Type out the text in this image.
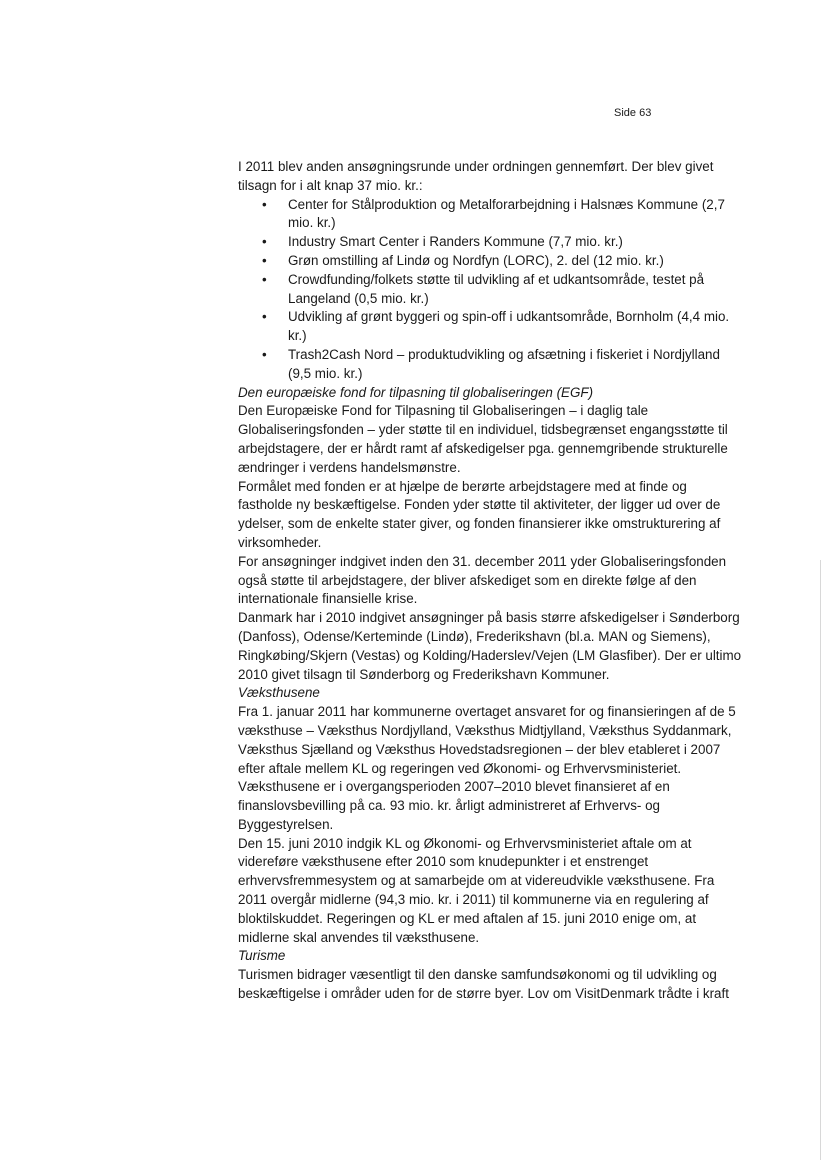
Side 63

I 2011 blev anden ansøgningsrunde under ordningen gennemført. Der blev givet tilsagn for i alt knap 37 mio. kr.:

• Center for Stålproduktion og Metalforarbejdning i Halsnæs Kommune (2,7 mio. kr.)
• Industry Smart Center i Randers Kommune (7,7 mio. kr.)
• Grøn omstilling af Lindø og Nordfyn (LORC), 2. del (12 mio. kr.)
• Crowdfunding/folkets støtte til udvikling af et udkantsområde, testet på Langeland (0,5 mio. kr.)
• Udvikling af grønt byggeri og spin-off i udkantsområde, Bornholm (4,4 mio. kr.)
• Trash2Cash Nord – produktudvikling og afsætning i fiskeriet i Nordjylland (9,5 mio. kr.)

Den europæiske fond for tilpasning til globaliseringen (EGF)

Den Europæiske Fond for Tilpasning til Globaliseringen – i daglig tale Globaliseringsfonden – yder støtte til en individuel, tidsbegrænset engangsstøtte til arbejdstagere, der er hårdt ramt af afskedigelser pga. gennemgribende strukturelle ændringer i verdens handelsmønstre.

Formålet med fonden er at hjælpe de berørte arbejdstagere med at finde og fastholde ny beskæftigelse. Fonden yder støtte til aktiviteter, der ligger ud over de ydelser, som de enkelte stater giver, og fonden finansierer ikke omstrukturering af virksomheder.

For ansøgninger indgivet inden den 31. december 2011 yder Globaliseringsfonden også støtte til arbejdstagere, der bliver afskediget som en direkte følge af den internationale finansielle krise.

Danmark har i 2010 indgivet ansøgninger på basis større afskedigelser i Sønderborg (Danfoss), Odense/Kerteminde (Lindø), Frederikshavn (bl.a. MAN og Siemens), Ringkøbing/Skjern (Vestas) og Kolding/Haderslev/Vejen (LM Glasfiber). Der er ultimo 2010 givet tilsagn til Sønderborg og Frederikshavn Kommuner.

Væksthusene

Fra 1. januar 2011 har kommunerne overtaget ansvaret for og finansieringen af de 5 væksthuse – Væksthus Nordjylland, Væksthus Midtjylland, Væksthus Syddanmark, Væksthus Sjælland og Væksthus Hovedstadsregionen – der blev etableret i 2007 efter aftale mellem KL og regeringen ved Økonomi- og Erhvervsministeriet. Væksthusene er i overgangsperioden 2007–2010 blevet finansieret af en finanslovsbevilling på ca. 93 mio. kr. årligt administreret af Erhvervs- og Byggestyrelsen.

Den 15. juni 2010 indgik KL og Økonomi- og Erhvervsministeriet aftale om at videreføre væksthusene efter 2010 som knudepunkter i et enstrenget erhvervsfremmesystem og at samarbejde om at videreudvikle væksthusene. Fra 2011 overgår midlerne (94,3 mio. kr. i 2011) til kommunerne via en regulering af bloktilskuddet. Regeringen og KL er med aftalen af 15. juni 2010 enige om, at midlerne skal anvendes til væksthusene.

Turisme

Turismen bidrager væsentligt til den danske samfundsøkonomi og til udvikling og beskæftigelse i områder uden for de større byer. Lov om VisitDenmark trådte i kraft
